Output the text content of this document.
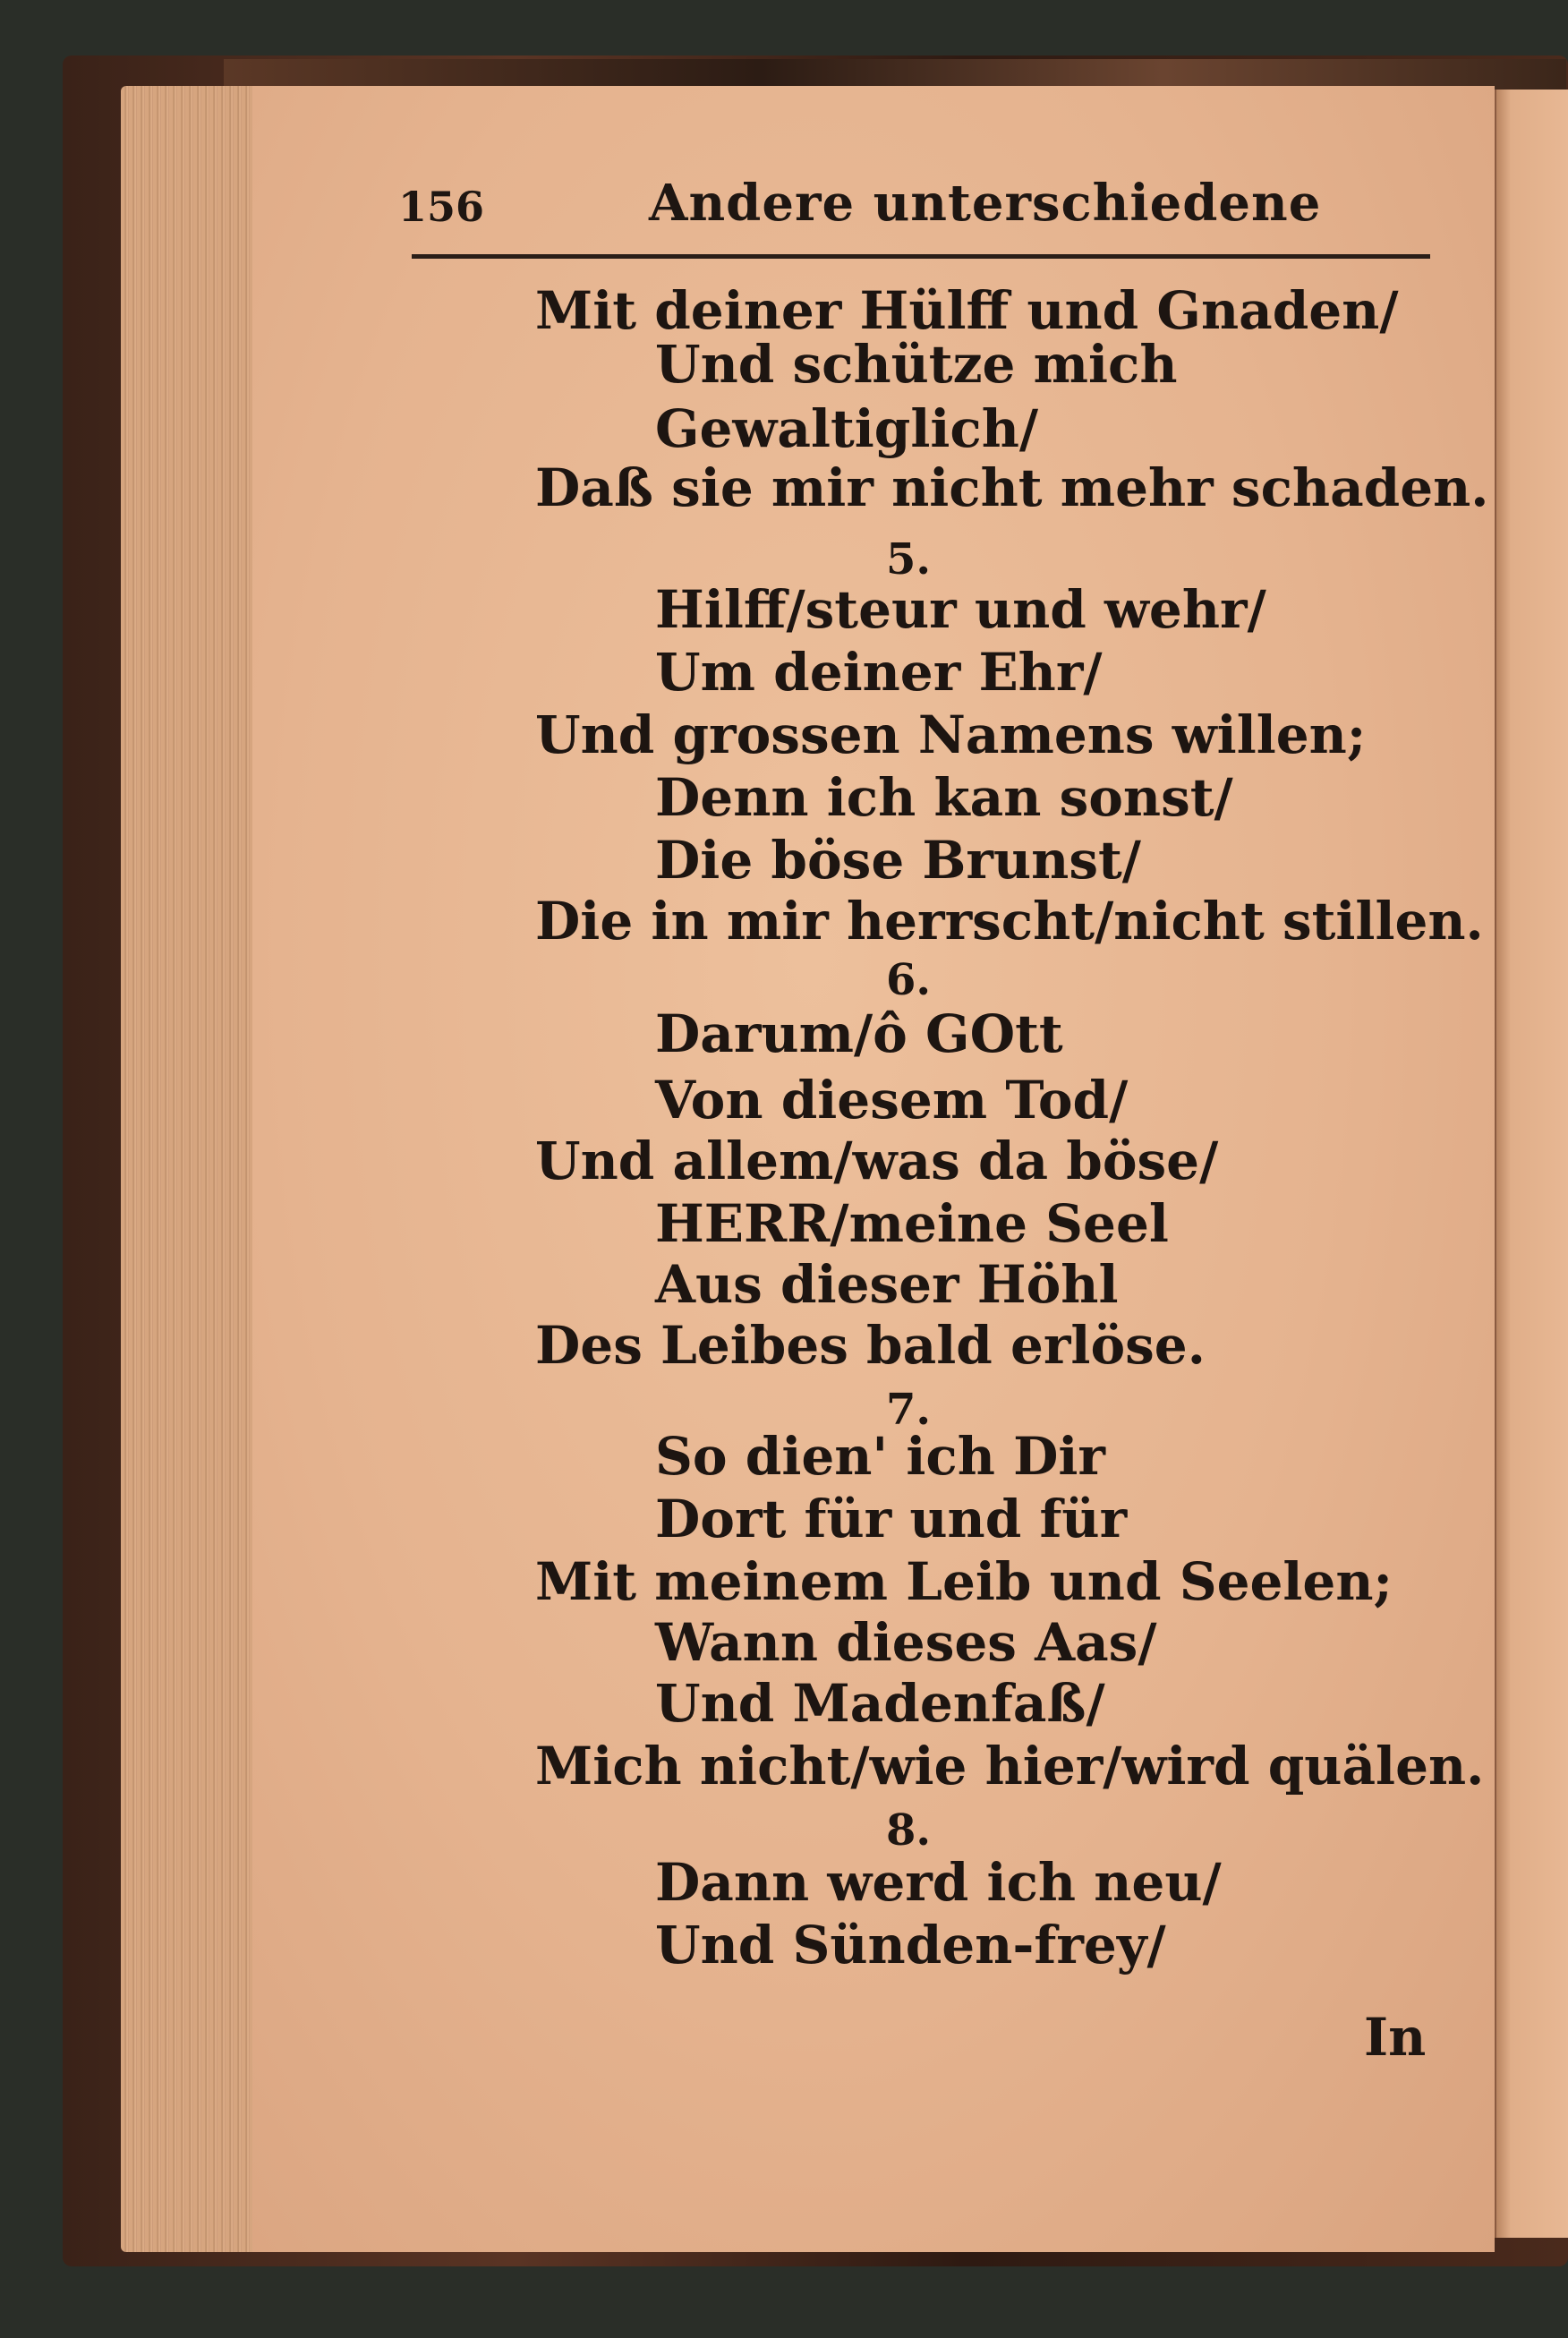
156	Andere unterschiedene
Mit deiner Hülff und Gnaden/
Und schütze mich
Gewaltiglich/
Daß sie mir nicht mehr schaden.
5.
Hilff/steur und wehr/
Um deiner Ehr/
Und grossen Namens willen;
Denn ich kan sonst/
Die böse Brunst/
Die in mir herrscht/nicht stillen.
6.
Darum/ô GOtt
Von diesem Tod/
Und allem/was da böse/
HERR/meine Seel
Aus dieser Höhl
Des Leibes bald erlöse.
7.
So dien' ich Dir
Dort für und für
Mit meinem Leib und Seelen;
Wann dieses Aas/
Und Madenfaß/
Mich nicht/wie hier/wird quälen.
8.
Dann werd ich neu/
Und Sünden-frey/
In
